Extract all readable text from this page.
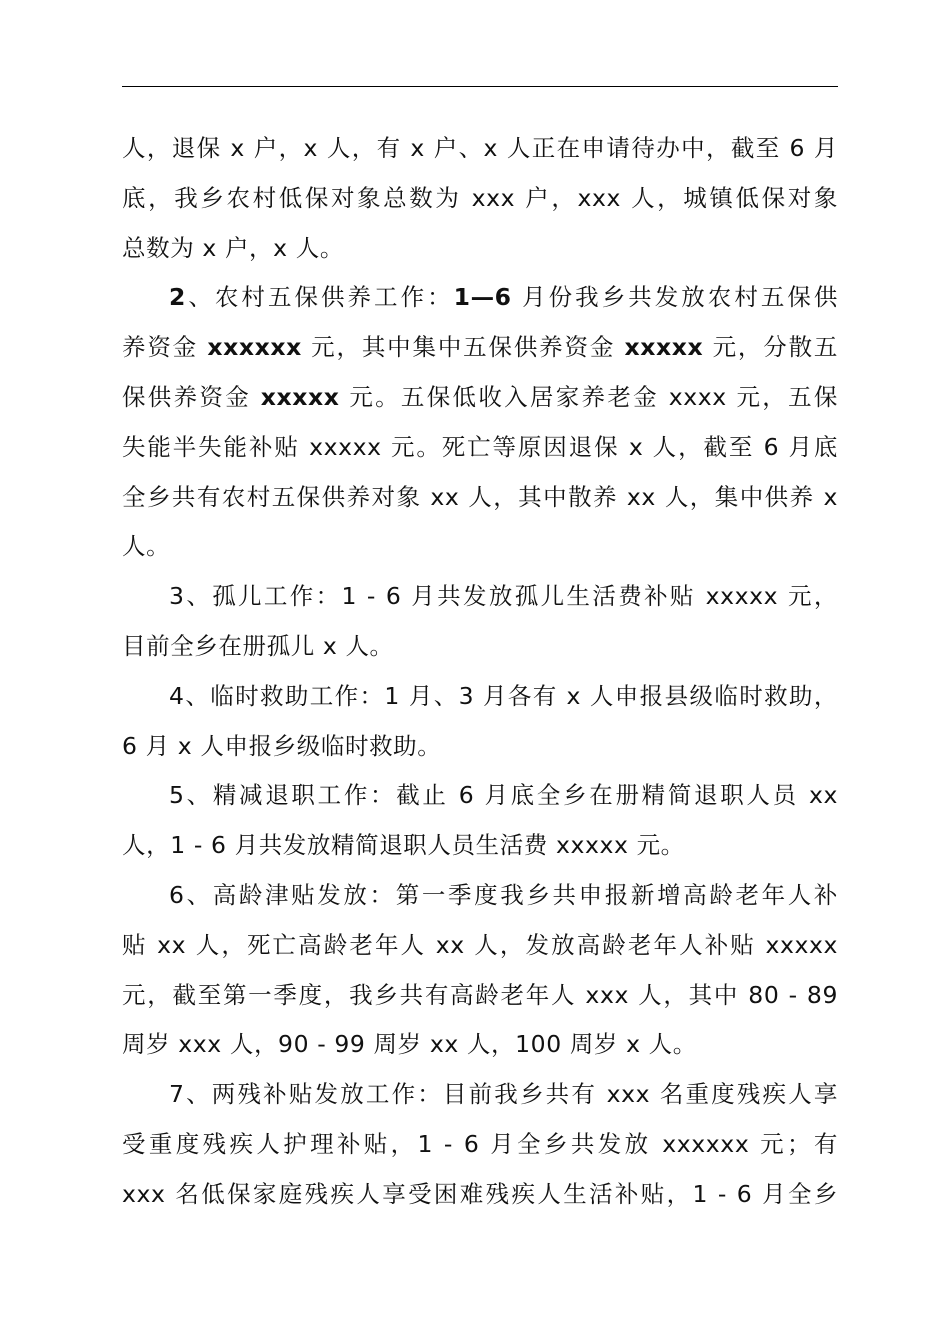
人，退保 x 户，x 人，有 x 户、x 人正在申请待办中，截至 6 月
底，我乡农村低保对象总数为 xxx 户，xxx 人，城镇低保对象
总数为 x 户，x 人。
2、农村五保供养工作：1—6 月份我乡共发放农村五保供
养资金 xxxxxx 元，其中集中五保供养资金 xxxxx 元，分散五
保供养资金 xxxxx 元。五保低收入居家养老金 xxxx 元，五保
失能半失能补贴 xxxxx 元。死亡等原因退保 x 人，截至 6 月底
全乡共有农村五保供养对象 xx 人，其中散养 xx 人，集中供养 x
人。
3、孤儿工作：1 - 6 月共发放孤儿生活费补贴 xxxxx 元，
目前全乡在册孤儿 x 人。
4、临时救助工作：1 月、3 月各有 x 人申报县级临时救助，
6 月 x 人申报乡级临时救助。
5、精减退职工作：截止 6 月底全乡在册精简退职人员 xx
人，1 - 6 月共发放精简退职人员生活费 xxxxx 元。
6、高龄津贴发放：第一季度我乡共申报新增高龄老年人补
贴 xx 人，死亡高龄老年人 xx 人，发放高龄老年人补贴 xxxxx
元，截至第一季度，我乡共有高龄老年人 xxx 人，其中 80 - 89
周岁 xxx 人，90 - 99 周岁 xx 人，100 周岁 x 人。
7、两残补贴发放工作：目前我乡共有 xxx 名重度残疾人享
受重度残疾人护理补贴，1 - 6 月全乡共发放 xxxxxx 元；有
xxx 名低保家庭残疾人享受困难残疾人生活补贴，1 - 6 月全乡
